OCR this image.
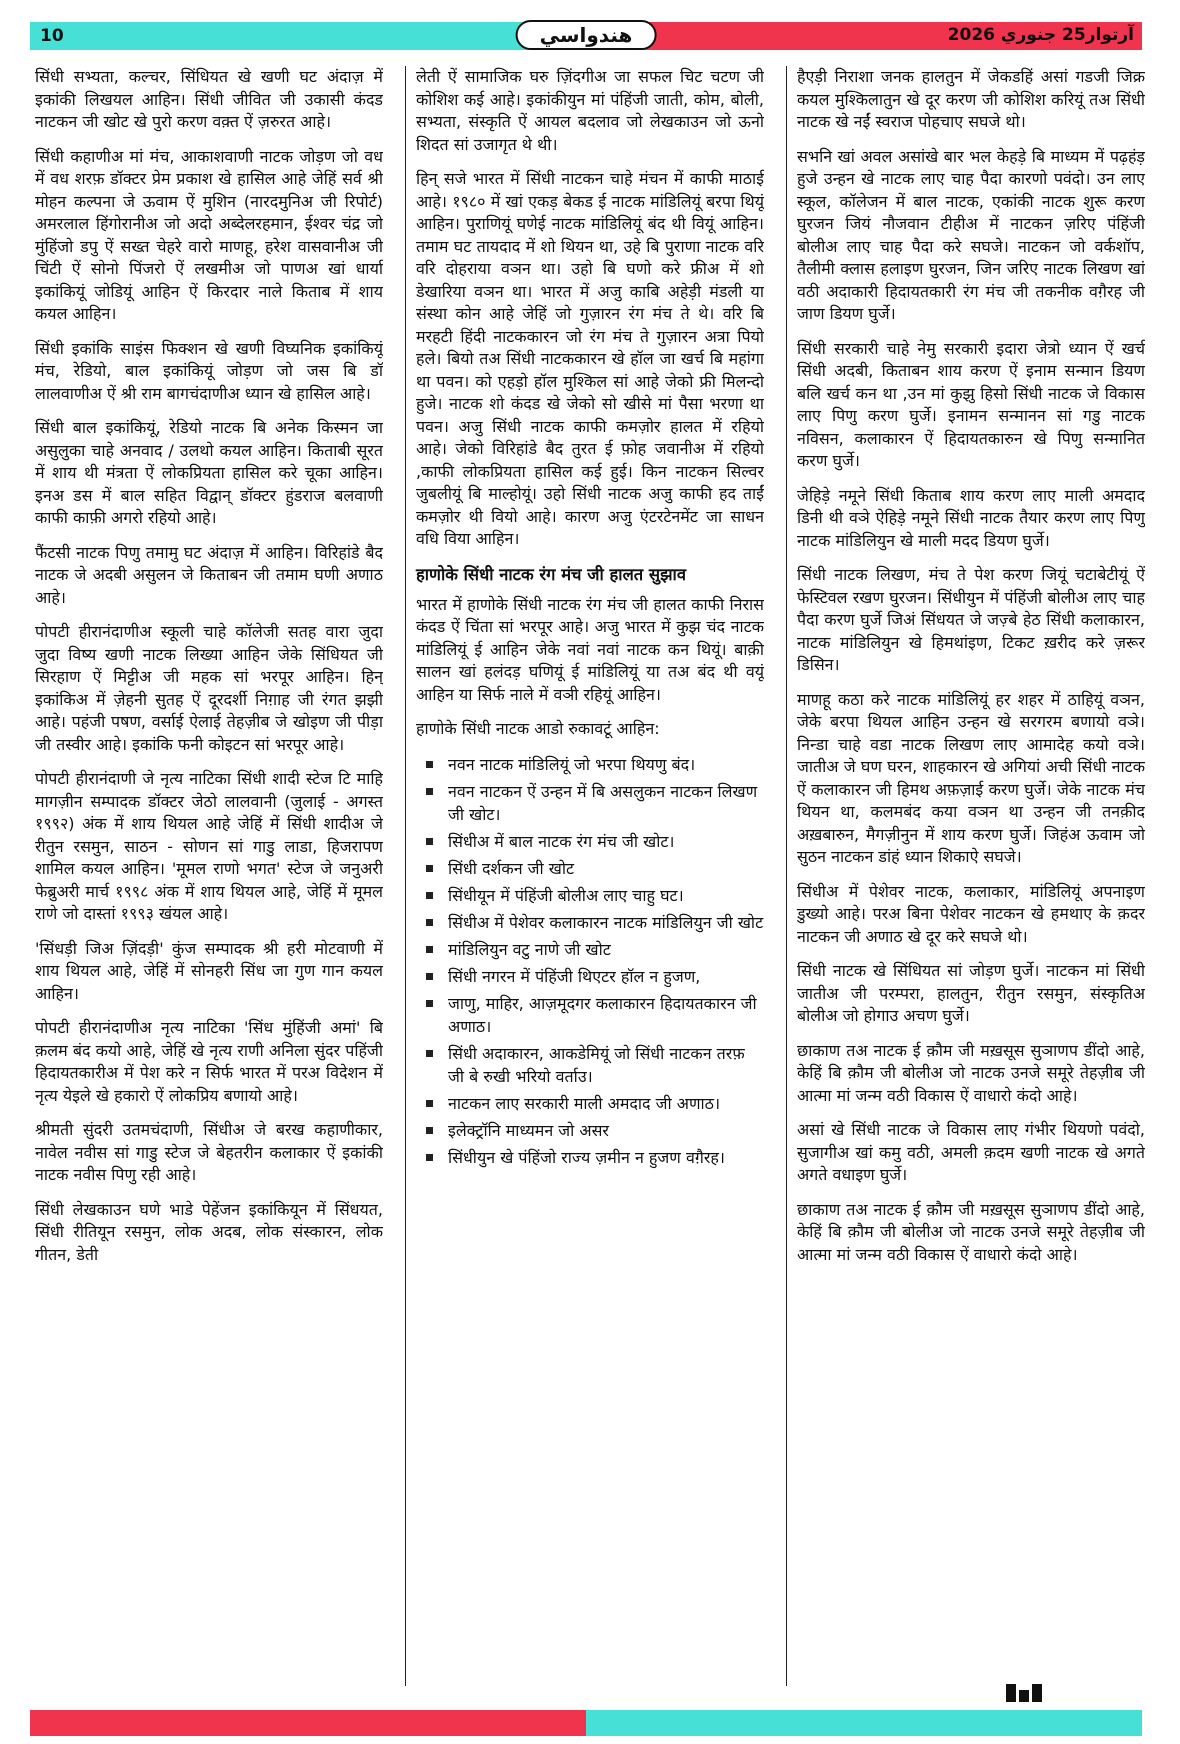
10	آرتوار25 جنوري 2026
هندواسي

सिंधी सभ्यता, कल्चर, सिंधियत खे खणी घट अंदाज़ में इकांकी लिखयल आहिन। सिंधी जीवित जी उकासी कंदड नाटकन जी खोट खे पुरो करण वक़्त ऐं ज़रुरत आहे।

सिंधी कहाणीअ मां मंच, आकाशवाणी नाटक जोड़ण जो वध में वध शरफ़ डॉक्टर प्रेम प्रकाश खे हासिल आहे जेहिं सर्व श्री मोहन कल्पना जे ऊवाम ऐं मुशिन (नारदमुनिअ जी रिपोर्ट) अमरलाल हिंगोरानीअ जो अदो अब्देलरहमान, ईश्वर चंद्र जो मुंहिंजो डपु ऐं सख्त चेहरे वारो माणहू, हरेश वासवानीअ जी चिंटी ऐं सोनो पिंजरो ऐं लखमीअ जो पाणअ खां धार्या इकांकियूं जोडियूं आहिन ऐं किरदार नाले किताब में शाय कयल आहिन।

सिंधी इकांकि साइंस फिक्शन खे खणी विघ्यनिक इकांकियूं मंच, रेडियो, बाल इकांकियूं जोड़ण जो जस बि डॉ लालवाणीअ ऐं श्री राम बागचंदाणीअ ध्यान खे हासिल आहे।

सिंधी बाल इकांकियूं, रेडियो नाटक बि अनेक किस्मन जा असुलुका चाहे अनवाद / उलथो कयल आहिन। किताबी सूरत में शाय थी मंत्रता ऐं लोकप्रियता हासिल करे चूका आहिन। इनअ डस में बाल सहित विद्वान् डॉक्टर हुंडराज बलवाणी काफी काफ़ी अगरो रहियो आहे।

फैंटसी नाटक पिणु तमामु घट अंदाज़ में आहिन। विरिहांडे बैद नाटक जे अदबी असुलन जे किताबन जी तमाम घणी अणाठ आहे।

पोपटी हीरानंदाणीअ स्कूली चाहे कॉलेजी सतह वारा जुदा जुदा विष्य खणी नाटक लिख्या आहिन जेके सिंधियत जी सिरहाण ऐं मिट्टीअ जी महक सां भरपूर आहिन। हिन् इकांकिअ में ज़ेहनी सुतह ऐं दूरदर्शी निग़ाह जी रंगत झझी आहे। पहंजी पषण, वर्साई ऐलाई तेहज़ीब जे खोइण जी पीड़ा जी तस्वीर आहे। इकांकि फनी कोइटन सां भरपूर आहे।

पोपटी हीरानंदाणी जे नृत्य नाटिका सिंधी शादी स्टेज टि माहि मागज़ीन सम्पादक डॉक्टर जेठो लालवानी (जुलाई - अगस्त १९९२) अंक में शाय थियल आहे जेहिं में सिंधी शादीअ जे रीतुन रसमुन, साठन - सोणन सां गाडु लाडा, हिजरापण शामिल कयल आहिन। 'मूमल राणो भगत' स्टेज जे जनुअरी फेब्रुअरी मार्च १९९८ अंक में शाय थियल आहे, जेहिं में मूमल राणे जो दास्तां १९९३ खंयल आहे।

'सिंधड़ी जिअ ज़िंदड़ी' कुंज सम्पादक श्री हरी मोटवाणी में शाय थियल आहे, जेहिं में सोनहरी सिंध जा गुण गान कयल आहिन।

पोपटी हीरानंदाणीअ नृत्य नाटिका 'सिंध मुंहिंजी अमां' बि क़लम बंद कयो आहे, जेहिं खे नृत्य राणी अनिला सुंदर पहिंजी हिदायतकारीअ में पेश करे न सिर्फ भारत में परअ विदेशन में नृत्य येइले खे हकारो ऐं लोकप्रिय बणायो आहे।

श्रीमती सुंदरी उतमचंदाणी, सिंधीअ जे बरख कहाणीकार, नावेल नवीस सां गाडु स्टेज जे बेहतरीन कलाकार ऐं इकांकी नाटक नवीस पिणु रही आहे।

सिंधी लेखकाउन घणे भाडे पेहेंजन इकांकियून में सिंधयत, सिंधी रीतियून रसमुन, लोक अदब, लोक संस्कारन, लोक गीतन, डेती

लेती ऐं सामाजिक घरु ज़िंदगीअ जा सफल चिट चटण जी कोशिश कई आहे। इकांकीयुन मां पंहिंजी जाती, कोम, बोली, सभ्यता, संस्कृति ऐं आयल बदलाव जो लेखकाउन जो ऊनो शिदत सां उजागृत थे थी।

हिन् सजे भारत में सिंधी नाटकन चाहे मंचन में काफी माठाई आहे। १९८० में खां एकड़ बेकड ई नाटक मांडिलियूं बरपा थियूं आहिन। पुराणियूं घणेई नाटक मांडिलियूं बंद थी वियूं आहिन। तमाम घट तायदाद में शो थियन था, उहे बि पुराणा नाटक वरि वरि दोहराया वञन था। उहो बि घणो करे फ्रीअ में शो डेखारिया वञन था। भारत में अजु काबि अहेड़ी मंडली या संस्था कोन आहे जेहिं जो गुज़ारन रंग मंच ते थे। वरि बि मरहटी हिंदी नाटककारन जो रंग मंच ते गुज़ारन अत्रा पियो हले। बियो तअ सिंधी नाटककारन खे हॉल जा खर्च बि महांगा था पवन। को एहड़ो हॉल मुश्किल सां आहे जेको फ्री मिलन्दो हुजे। नाटक शो कंदड खे जेको सो खीसे मां पैसा भरणा था पवन। अजु सिंधी नाटक काफी कमज़ोर हालत में रहियो आहे। जेको विरिहांडे बैद तुरत ई फ़ोह जवानीअ में रहियो ,काफी लोकप्रियता हासिल कई हुई। किन नाटकन सिल्वर जुबलीयूं बि माल्होयूं। उहो सिंधी नाटक अजु काफी हद ताईं कमज़ोर थी वियो आहे। कारण अजु एंटरटेनमेंट जा साधन वधि विया आहिन।

हाणोके सिंधी नाटक रंग मंच जी हालत सुझाव

भारत में हाणोके सिंधी नाटक रंग मंच जी हालत काफी निरास कंदड ऐं चिंता सां भरपूर आहे। अजु भारत में कुझ चंद नाटक मांडिलियूं ई आहिन जेके नवां नवां नाटक कन थियूं। बाक़ी सालन खां हलंदड़ घणियूं ई मांडिलियूं या तअ बंद थी वयूं आहिन या सिर्फ नाले में वञी रहियूं आहिन।

हाणोके सिंधी नाटक आडो रुकावटूं आहिन:

नवन नाटक मांडिलियूं जो भरपा थियणु बंद।
नवन नाटकन ऐं उन्हन में बि असलुकन नाटकन लिखण जी खोट।
सिंधीअ में बाल नाटक रंग मंच जी खोट।
सिंधी दर्शकन जी खोट
सिंधीयून में पंहिंजी बोलीअ लाए चाहु घट।
सिंधीअ में पेशेवर कलाकारन नाटक मांडिलियुन जी खोट
मांडिलियुन वटु नाणे जी खोट
सिंधी नगरन में पंहिंजी थिएटर हॉल न हुजण,
जाणु, माहिर, आज़मूदगर कलाकारन हिदायतकारन जी अणाठ।
सिंधी अदाकारन, आकडेमियूं जो सिंधी नाटकन तरफ़ जी बे रुखी भरियो वर्ताउ।
नाटकन लाए सरकारी माली अमदाद जी अणाठ।
इलेक्ट्रॉनि माध्यमन जो असर
सिंधीयुन खे पंहिंजो राज्य ज़मीन न हुजण वग़ैरह।

हैएड़ी निराशा जनक हालतुन में जेकडहिं असां गडजी जिक्र कयल मुश्किलातुन खे दूर करण जी कोशिश करियूं तअ सिंधी नाटक खे नईं स्वराज पोहचाए सघजे थो।

सभनि खां अवल असांखे बार भल केहड़े बि माध्यम में पढ़हंड़ हुजे उन्हन खे नाटक लाए चाह पैदा कारणो पवंदो। उन लाए स्कूल, कॉलेजन में बाल नाटक, एकांकी नाटक शुरू करण घुरजन जियं नौजवान टीहीअ में नाटकन ज़रिए पंहिंजी बोलीअ लाए चाह पैदा करे सघजे। नाटकन जो वर्कशॉप, तैलीमी क्लास हलाइण घुरजन, जिन जरिए नाटक लिखण खां वठी अदाकारी हिदायतकारी रंग मंच जी तकनीक वग़ैरह जी जाण डियण घुर्जे।

सिंधी सरकारी चाहे नेमु सरकारी इदारा जेत्रो ध्यान ऐं खर्च सिंधी अदबी, किताबन शाय करण ऐं इनाम सन्मान डियण बलि खर्च कन था ,उन मां कुझु हिसो सिंधी नाटक जे विकास लाए पिणु करण घुर्जे। इनामन सन्मानन सां गडु नाटक नविसन, कलाकारन ऐं हिदायतकारुन खे पिणु सन्मानित करण घुर्जे।

जेहिड़े नमूने सिंधी किताब शाय करण लाए माली अमदाद डिनी थी वञे ऐहिड़े नमूने सिंधी नाटक तैयार करण लाए पिणु नाटक मांडिलियुन खे माली मदद डियण घुर्जे।

सिंधी नाटक लिखण, मंच ते पेश करण जियूं चटाबेटीयूं ऐं फेस्टिवल रखण घुरजन। सिंधीयुन में पंहिंजी बोलीअ लाए चाह पैदा करण घुर्जे जिअं सिंधयत जे जज़्बे हेठ सिंधी कलाकारन, नाटक मांडिलियुन खे हिमथांइण, टिकट ख़रीद करे ज़रूर डिसिन।

माणहू कठा करे नाटक मांडिलियूं हर शहर में ठाहियूं वञन, जेके बरपा थियल आहिन उन्हन खे सरगरम बणायो वञे। निन्डा चाहे वडा नाटक लिखण लाए आमादेह कयो वञे। जातीअ जे घण घरन, शाहकारन खे अगियां अची सिंधी नाटक ऐं कलाकारन जी हिमथ अफ़ज़ाई करण घुर्जे। जेके नाटक मंच थियन था, कलमबंद कया वञन था उन्हन जी तनक़ीद अख़बारुन, मैगज़ीनुन में शाय करण घुर्जे। जिहंअ ऊवाम जो सुठन नाटकन डांहं ध्यान शिकाऐ सघजे।

सिंधीअ में पेशेवर नाटक, कलाकार, मांडिलियूं अपनाइण डुख्यो आहे। परअ बिना पेशेवर नाटकन खे हमथाए के क़दर नाटकन जी अणाठ खे दूर करे सघजे थो।

सिंधी नाटक खे सिंधियत सां जोड़ण घुर्जे। नाटकन मां सिंधी जातीअ जी परम्परा, हालतुन, रीतुन रसमुन, संस्कृतिअ बोलीअ जो होगाउ अचण घुर्जे।

छाकाण तअ नाटक ई क़ौम जी मख़सूस सुञाणप डींदो आहे, केहिं बि क़ौम जी बोलीअ जो नाटक उनजे समूरे तेहज़ीब जी आत्मा मां जन्म वठी विकास ऐं वाधारो कंदो आहे।

असां खे सिंधी नाटक जे विकास लाए गंभीर थियणो पवंदो, सुजागीअ खां कमु वठी, अमली क़दम खणी नाटक खे अगते अगते वधाइण घुर्जे।

छाकाण तअ नाटक ई क़ौम जी मख़सूस सुञाणप डींदो आहे, केहिं बि क़ौम जी बोलीअ जो नाटक उनजे समूरे तेहज़ीब जी आत्मा मां जन्म वठी विकास ऐं वाधारो कंदो आहे।
